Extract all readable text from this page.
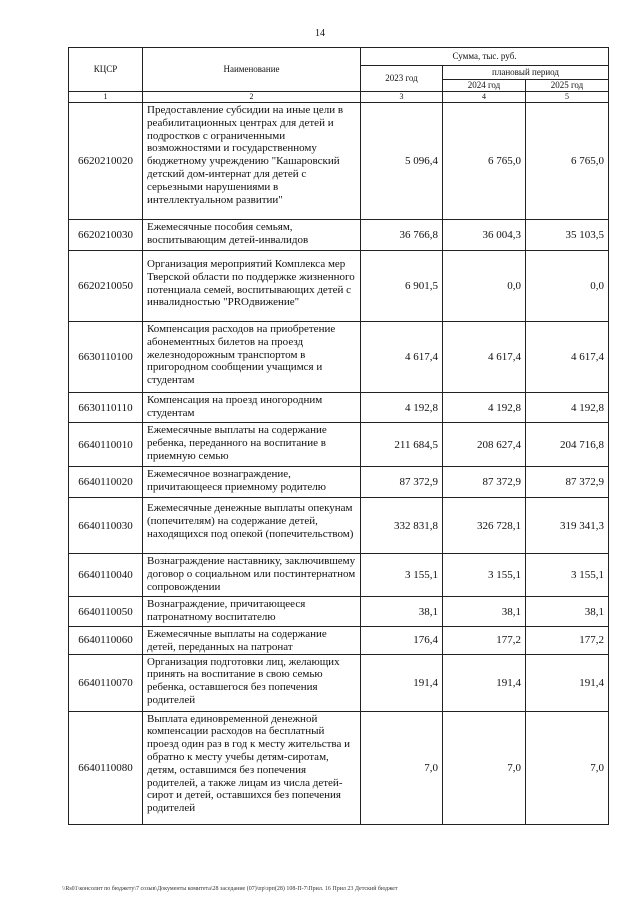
14
КЦСР	Наименование	Сумма, тыс. руб.		
		2023 год	плановый период	
			2024 год	2025 год
1	2	3	4	5
6620210020	Предоставление субсидии на иные цели в реабилитационных центрах для детей и подростков с ограниченными возможностями и государственному бюджетному учреждению "Кашаровский детский дом-интернат для детей с серьезными нарушениями в интеллектуальном развитии"	5 096,4	6 765,0	6 765,0
6620210030	Ежемесячные пособия семьям, воспитывающим детей-инвалидов	36 766,8	36 004,3	35 103,5
6620210050	Организация мероприятий Комплекса мер Тверской области по поддержке жизненного потенциала семей, воспитывающих детей с инвалидностью "PROдвижение"	6 901,5	0,0	0,0
6630110100	Компенсация расходов на приобретение абонементных билетов на проезд железнодорожным транспортом в пригородном сообщении учащимся и студентам	4 617,4	4 617,4	4 617,4
6630110110	Компенсация на проезд иногородним студентам	4 192,8	4 192,8	4 192,8
6640110010	Ежемесячные выплаты на содержание ребенка, переданного на воспитание в приемную семью	211 684,5	208 627,4	204 716,8
6640110020	Ежемесячное вознаграждение, причитающееся приемному родителю	87 372,9	87 372,9	87 372,9
6640110030	Ежемесячные денежные выплаты опекунам (попечителям) на содержание детей, находящихся под опекой (попечительством)	332 831,8	326 728,1	319 341,3
6640110040	Вознаграждение наставнику, заключившему договор о социальном или постинтернатном сопровождении	3 155,1	3 155,1	3 155,1
6640110050	Вознаграждение, причитающееся патронатному воспитателю	38,1	38,1	38,1
6640110060	Ежемесячные выплаты на содержание детей, переданных на патронат	176,4	177,2	177,2
6640110070	Организация подготовки лиц, желающих принять на воспитание в свою семью ребенка, оставшегося без попечения родителей	191,4	191,4	191,4
6640110080	Выплата единовременной денежной компенсации расходов на бесплатный проезд один раз в год к месту жительства и обратно к месту учебы детям-сиротам, детям, оставшимся без попечения родителей, а также лицам из числа детей-сирот и детей, оставшихся без попечения родителей	7,0	7,0	7,0
\\Rs01\консолит по бюджету\7 созыв\Документы комитета\28 заседание (07)\пр\зрп(28) 108-П-7\Прил. 16 Прил 23 Детский бюджет
